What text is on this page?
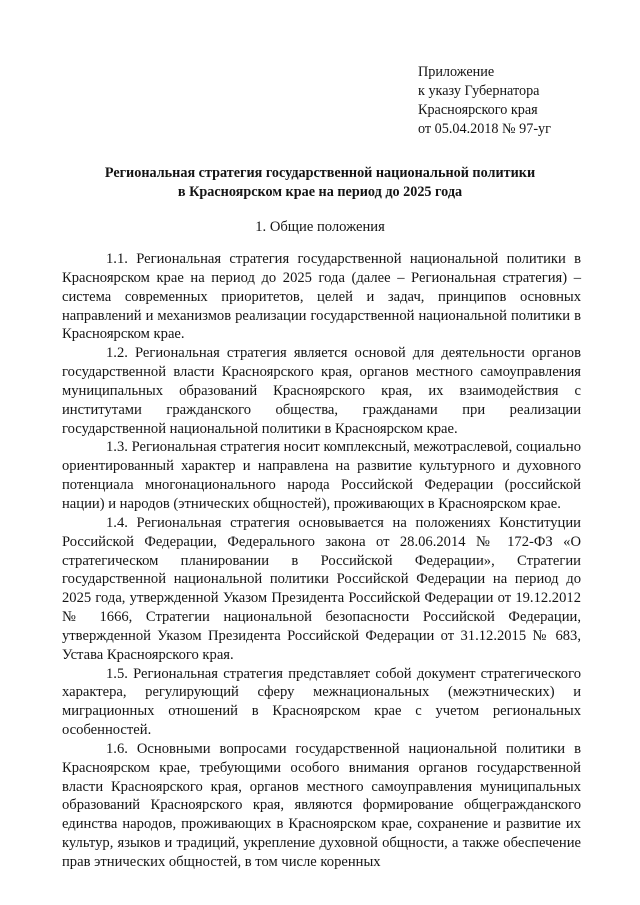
Приложение
к указу Губернатора
Красноярского края
от 05.04.2018 № 97-уг
Региональная стратегия государственной национальной политики
в Красноярском крае на период до 2025 года
1. Общие положения

1.1. Региональная стратегия государственной национальной политики в Красноярском крае на период до 2025 года (далее – Региональная стратегия) – система современных приоритетов, целей и задач, принципов основных направлений и механизмов реализации государственной национальной политики в Красноярском крае.

1.2. Региональная стратегия является основой для деятельности органов государственной власти Красноярского края, органов местного самоуправления муниципальных образований Красноярского края, их взаимодействия с институтами гражданского общества, гражданами при реализации государственной национальной политики в Красноярском крае.

1.3. Региональная стратегия носит комплексный, межотраслевой, социально ориентированный характер и направлена на развитие культурного и духовного потенциала многонационального народа Российской Федерации (российской нации) и народов (этнических общностей), проживающих в Красноярском крае.

1.4. Региональная стратегия основывается на положениях Конституции Российской Федерации, Федерального закона от 28.06.2014 № 172-ФЗ «О стратегическом планировании в Российской Федерации», Стратегии государственной национальной политики Российской Федерации на период до 2025 года, утвержденной Указом Президента Российской Федерации от 19.12.2012 № 1666, Стратегии национальной безопасности Российской Федерации, утвержденной Указом Президента Российской Федерации от 31.12.2015 № 683, Устава Красноярского края.

1.5. Региональная стратегия представляет собой документ стратегического характера, регулирующий сферу межнациональных (межэтнических) и миграционных отношений в Красноярском крае с учетом региональных особенностей.

1.6. Основными вопросами государственной национальной политики в Красноярском крае, требующими особого внимания органов государственной власти Красноярского края, органов местного самоуправления муниципальных образований Красноярского края, являются формирование общегражданского единства народов, проживающих в Красноярском крае, сохранение и развитие их культур, языков и традиций, укрепление духовной общности, а также обеспечение прав этнических общностей, в том числе коренных
